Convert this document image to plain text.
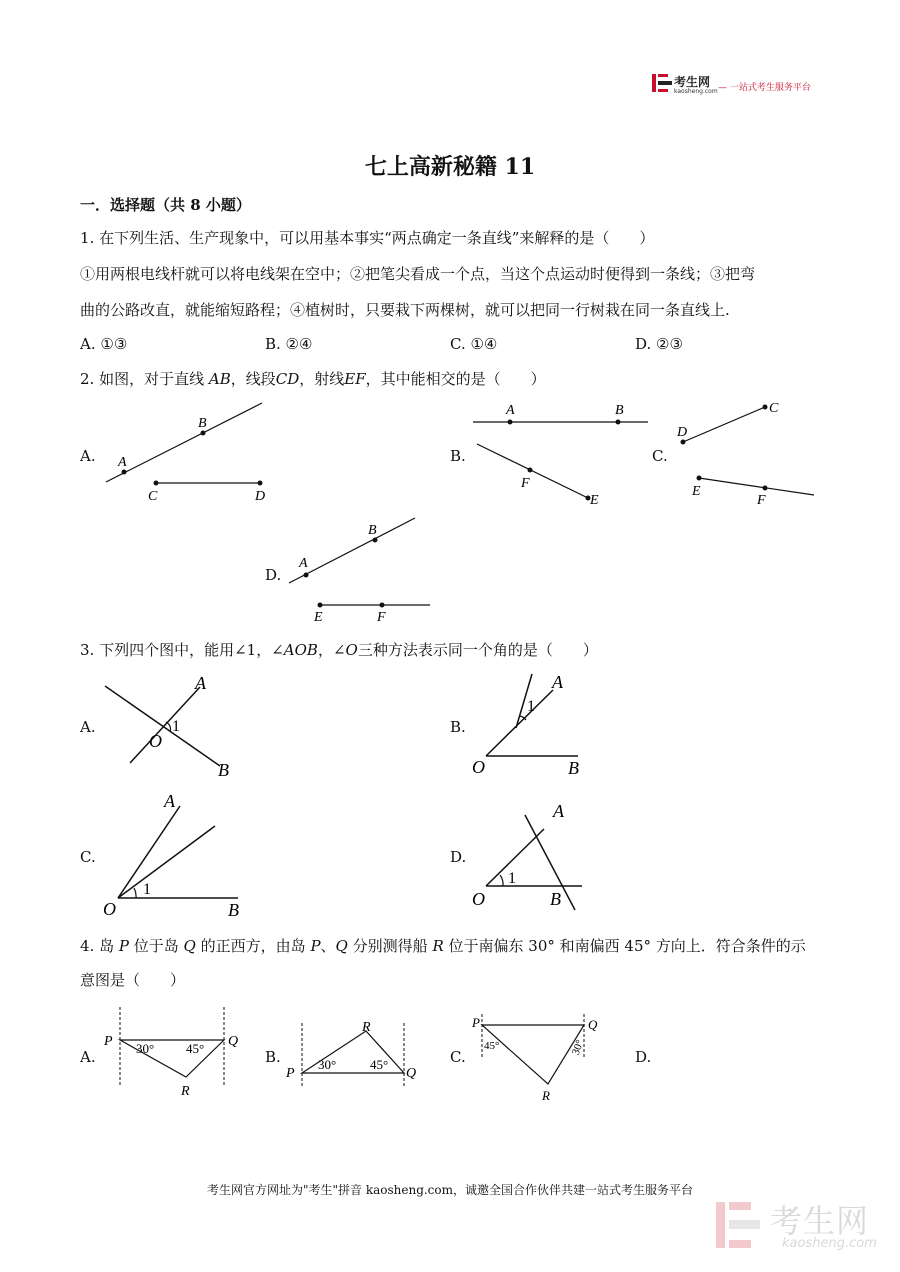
考生网
kaosheng.com — 一站式考生服务平台
七上高新秘籍 11
一．选择题（共 8 小题）
1. 在下列生活、生产现象中，可以用基本事实“两点确定一条直线”来解释的是（　　）
①用两根电线杆就可以将电线架在空中；②把笔尖看成一个点，当这个点运动时便得到一条线；③把弯
曲的公路改直，就能缩短路程；④植树时，只要栽下两棵树，就可以把同一行树栽在同一条直线上.
A. ①③	B. ②④	C. ①④	D. ②③
2. 如图，对于直线 AB，线段CD，射线EF，其中能相交的是（　　）
A.	B.	C.
D.
A
B
C	D
A	B
F
E
D
C
E
F
A
B
E	F
3. 下列四个图中，能用∠1，∠AOB，∠O三种方法表示同一个角的是（　　）
A.	B.
C.	D.
A
B
O
1
A
O	B
1
A
O	B
1
A
O	B
1
4. 岛 P 位于岛 Q 的正西方，由岛 P、Q 分别测得船 R 位于南偏东 30° 和南偏西 45° 方向上．符合条件的示
意图是（　　）
A.	B.	C.	D.
P	Q
R
30° 45°
P	Q
R
30°	45°
P	Q
R
45°	30°
考生网官方网址为"考生"拼音 kaosheng.com，诚邀全国合作伙伴共建一站式考生服务平台
考生网
kaosheng.com
